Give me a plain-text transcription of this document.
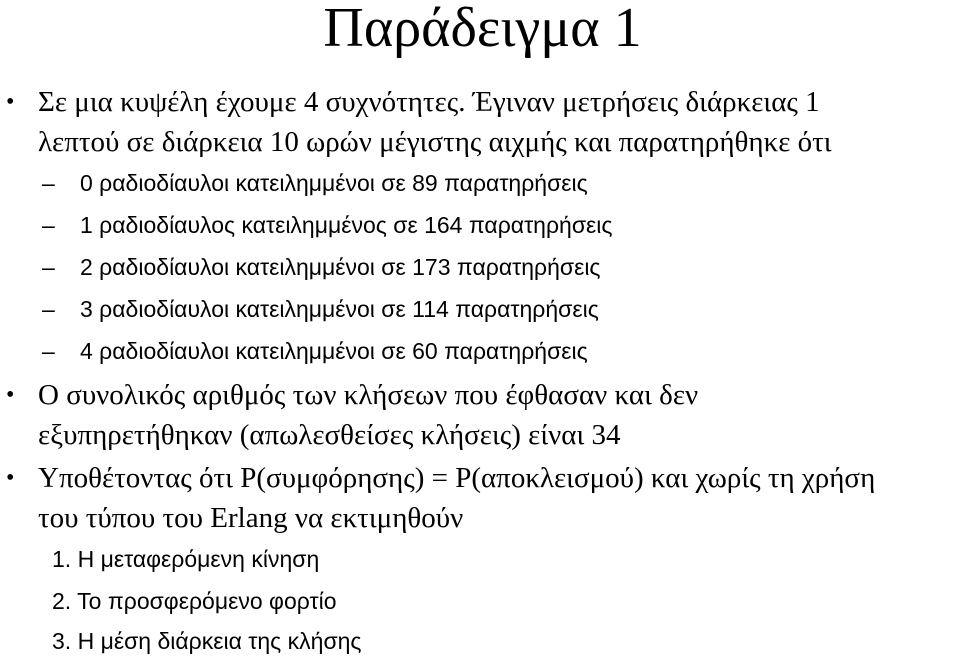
Παράδειγμα 1
• Σε μια κυψέλη έχουμε 4 συχνότητες. Έγιναν μετρήσεις διάρκειας 1
λεπτού σε διάρκεια 10 ωρών μέγιστης αιχμής και παρατηρήθηκε ότι
– 0 ραδιοδίαυλοι κατειλημμένοι σε 89 παρατηρήσεις
– 1 ραδιοδίαυλος κατειλημμένος σε 164 παρατηρήσεις
– 2 ραδιοδίαυλοι κατειλημμένοι σε 173 παρατηρήσεις
– 3 ραδιοδίαυλοι κατειλημμένοι σε 114 παρατηρήσεις
– 4 ραδιοδίαυλοι κατειλημμένοι σε 60 παρατηρήσεις
• Ο συνολικός αριθμός των κλήσεων που έφθασαν και δεν
εξυπηρετήθηκαν (απωλεσθείσες κλήσεις) είναι 34
• Υποθέτοντας ότι P(συμφόρησης) = P(αποκλεισμού) και χωρίς τη χρήση
του τύπου του Erlang να εκτιμηθούν
1. Η μεταφερόμενη κίνηση
2. Το προσφερόμενο φορτίο
3. Η μέση διάρκεια της κλήσης
